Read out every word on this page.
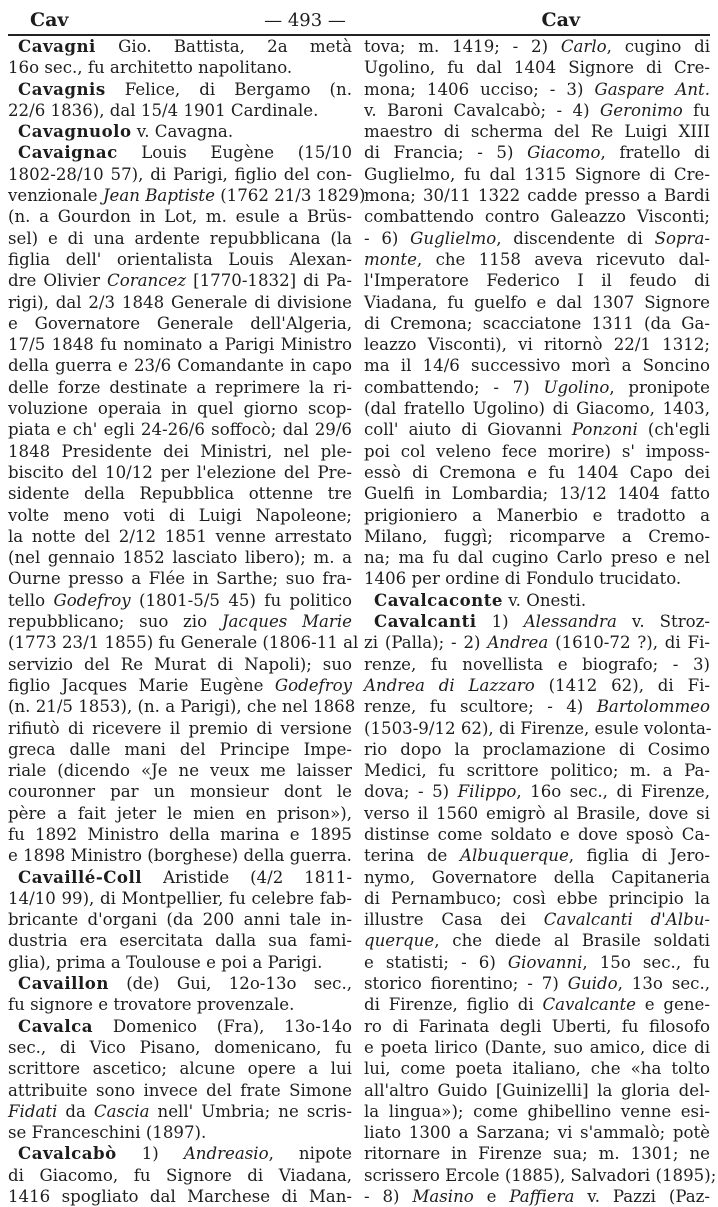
Cav	— 493 —	Cav
Cavagni Gio. Battista, 2a metà
16o sec., fu architetto napolitano.
Cavagnis Felice, di Bergamo (n.
22/6 1836), dal 15/4 1901 Cardinale.
Cavagnuolo v. Cavagna.
Cavaignac Louis Eugène (15/10
1802-28/10 57), di Parigi, figlio del con-
venzionale Jean Baptiste (1762 21/3 1829)
(n. a Gourdon in Lot, m. esule a Brüs-
sel) e di una ardente repubblicana (la
figlia dell' orientalista Louis Alexan-
dre Olivier Corancez [1770-1832] di Pa-
rigi), dal 2/3 1848 Generale di divisione
e Governatore Generale dell'Algeria,
17/5 1848 fu nominato a Parigi Ministro
della guerra e 23/6 Comandante in capo
delle forze destinate a reprimere la ri-
voluzione operaia in quel giorno scop-
piata e ch' egli 24-26/6 soffocò; dal 29/6
1848 Presidente dei Ministri, nel ple-
biscito del 10/12 per l'elezione del Pre-
sidente della Repubblica ottenne tre
volte meno voti di Luigi Napoleone;
la notte del 2/12 1851 venne arrestato
(nel gennaio 1852 lasciato libero); m. a
Ourne presso a Flée in Sarthe; suo fra-
tello Godefroy (1801-5/5 45) fu politico
repubblicano; suo zio Jacques Marie
(1773 23/1 1855) fu Generale (1806-11 al
servizio del Re Murat di Napoli); suo
figlio Jacques Marie Eugène Godefroy
(n. 21/5 1853), (n. a Parigi), che nel 1868
rifiutò di ricevere il premio di versione
greca dalle mani del Principe Impe-
riale (dicendo «Je ne veux me laisser
couronner par un monsieur dont le
père a fait jeter le mien en prison»),
fu 1892 Ministro della marina e 1895
e 1898 Ministro (borghese) della guerra.
Cavaillé-Coll Aristide (4/2 1811-
14/10 99), di Montpellier, fu celebre fab-
bricante d'organi (da 200 anni tale in-
dustria era esercitata dalla sua fami-
glia), prima a Toulouse e poi a Parigi.
Cavaillon (de) Gui, 12o-13o sec.,
fu signore e trovatore provenzale.
Cavalca Domenico (Fra), 13o-14o
sec., di Vico Pisano, domenicano, fu
scrittore ascetico; alcune opere a lui
attribuite sono invece del frate Simone
Fidati da Cascia nell' Umbria; ne scris-
se Franceschini (1897).
Cavalcabò 1) Andreasio, nipote
di Giacomo, fu Signore di Viadana,
1416 spogliato dal Marchese di Man-
tova; m. 1419; - 2) Carlo, cugino di
Ugolino, fu dal 1404 Signore di Cre-
mona; 1406 ucciso; - 3) Gaspare Ant.
v. Baroni Cavalcabò; - 4) Geronimo fu
maestro di scherma del Re Luigi XIII
di Francia; - 5) Giacomo, fratello di
Guglielmo, fu dal 1315 Signore di Cre-
mona; 30/11 1322 cadde presso a Bardi
combattendo contro Galeazzo Visconti;
- 6) Guglielmo, discendente di Sopra-
monte, che 1158 aveva ricevuto dal-
l'Imperatore Federico I il feudo di
Viadana, fu guelfo e dal 1307 Signore
di Cremona; scacciatone 1311 (da Ga-
leazzo Visconti), vi ritornò 22/1 1312;
ma il 14/6 successivo morì a Soncino
combattendo; - 7) Ugolino, pronipote
(dal fratello Ugolino) di Giacomo, 1403,
coll' aiuto di Giovanni Ponzoni (ch'egli
poi col veleno fece morire) s' imposs-
essò di Cremona e fu 1404 Capo dei
Guelfi in Lombardia; 13/12 1404 fatto
prigioniero a Manerbio e tradotto a
Milano, fuggì; ricomparve a Cremo-
na; ma fu dal cugino Carlo preso e nel
1406 per ordine di Fondulo trucidato.
Cavalcaconte v. Onesti.
Cavalcanti 1) Alessandra v. Stroz-
zi (Palla); - 2) Andrea (1610-72 ?), di Fi-
renze, fu novellista e biografo; - 3)
Andrea di Lazzaro (1412 62), di Fi-
renze, fu scultore; - 4) Bartolommeo
(1503-9/12 62), di Firenze, esule volonta-
rio dopo la proclamazione di Cosimo
Medici, fu scrittore politico; m. a Pa-
dova; - 5) Filippo, 16o sec., di Firenze,
verso il 1560 emigrò al Brasile, dove si
distinse come soldato e dove sposò Ca-
terina de Albuquerque, figlia di Jero-
nymo, Governatore della Capitaneria
di Pernambuco; così ebbe principio la
illustre Casa dei Cavalcanti d'Albu-
querque, che diede al Brasile soldati
e statisti; - 6) Giovanni, 15o sec., fu
storico fiorentino; - 7) Guido, 13o sec.,
di Firenze, figlio di Cavalcante e gene-
ro di Farinata degli Uberti, fu filosofo
e poeta lirico (Dante, suo amico, dice di
lui, come poeta italiano, che «ha tolto
all'altro Guido [Guinizelli] la gloria del-
la lingua»); come ghibellino venne esi-
liato 1300 a Sarzana; vi s'ammalò; potè
ritornare in Firenze sua; m. 1301; ne
scrissero Ercole (1885), Salvadori (1895);
- 8) Masino e Paffiera v. Pazzi (Paz-
